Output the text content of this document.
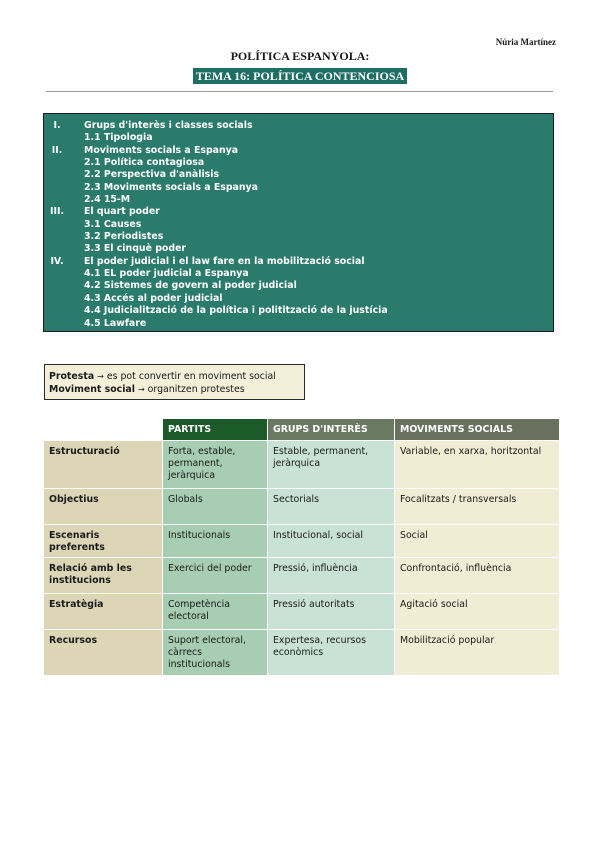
Núria Martínez
POLÍTICA ESPANYOLA:
TEMA 16: POLÍTICA CONTENCIOSA
I.	Grups d'interès i classes socials
1.1 Tipologia
II.	Moviments socials a Espanya
2.1 Política contagiosa
2.2 Perspectiva d'anàlisis
2.3 Moviments socials a Espanya
2.4 15-M
III.	El quart poder
3.1 Causes
3.2 Periodistes
3.3 El cinquè poder
IV.	El poder judicial i el law fare en la mobilització social
4.1 EL poder judicial a Espanya
4.2 Sistemes de govern al poder judicial
4.3 Accés al poder judicial
4.4 Judicialització de la política i politització de la justícia
4.5 Lawfare
Protesta → es pot convertir en moviment social
Moviment social → organitzen protestes
	PARTITS	GRUPS D'INTERÈS	MOVIMENTS SOCIALS
Estructuració	Forta, estable, permanent, jeràrquica	Estable, permanent, jeràrquica	Variable, en xarxa, horitzontal
Objectius	Globals	Sectorials	Focalitzats / transversals
Escenaris preferents	Institucionals	Institucional, social	Social
Relació amb les institucions	Exercici del poder	Pressió, influència	Confrontació, influència
Estratègia	Competència electoral	Pressió autoritats	Agitació social
Recursos	Suport electoral, càrrecs institucionals	Expertesa, recursos econòmics	Mobilització popular
